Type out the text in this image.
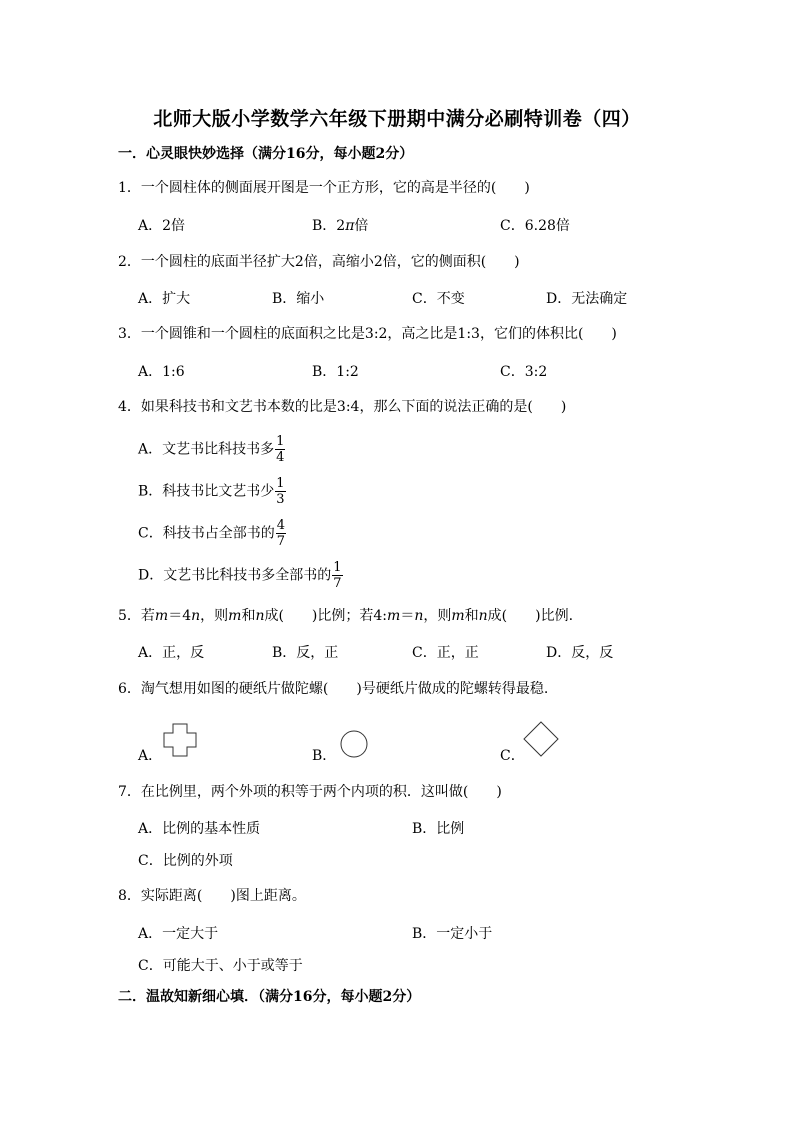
北师大版小学数学六年级下册期中满分必刷特训卷（四）
一．心灵眼快妙选择（满分16分，每小题2分）
1．一个圆柱体的侧面展开图是一个正方形，它的高是半径的(　　)
A．2倍	B．2π倍	C．6.28倍
2．一个圆柱的底面半径扩大2倍，高缩小2倍，它的侧面积(　　)
A．扩大	B．缩小	C．不变	D．无法确定
3．一个圆锥和一个圆柱的底面积之比是3:2，高之比是1:3，它们的体积比(　　)
A．1:6	B．1:2	C．3:2
4．如果科技书和文艺书本数的比是3:4，那么下面的说法正确的是(　　)
A．文艺书比科技书多 $\frac{1}{4}$
B．科技书比文艺书少 $\frac{1}{3}$
C．科技书占全部书的 $\frac{4}{7}$
D．文艺书比科技书多全部书的 $\frac{1}{7}$
5．若m＝4n，则m和n成(　　)比例；若4:m＝n，则m和n成(　　)比例.
A．正，反	B．反，正	C．正，正	D．反，反
6．淘气想用如图的硬纸片做陀螺(　　)号硬纸片做成的陀螺转得最稳.
A．	B．	C．
7．在比例里，两个外项的积等于两个内项的积．这叫做(　　)
A．比例的基本性质	B．比例
C．比例的外项
8．实际距离(　　)图上距离。
A．一定大于	B．一定小于
C．可能大于、小于或等于
二．温故知新细心填．（满分16分，每小题2分）
